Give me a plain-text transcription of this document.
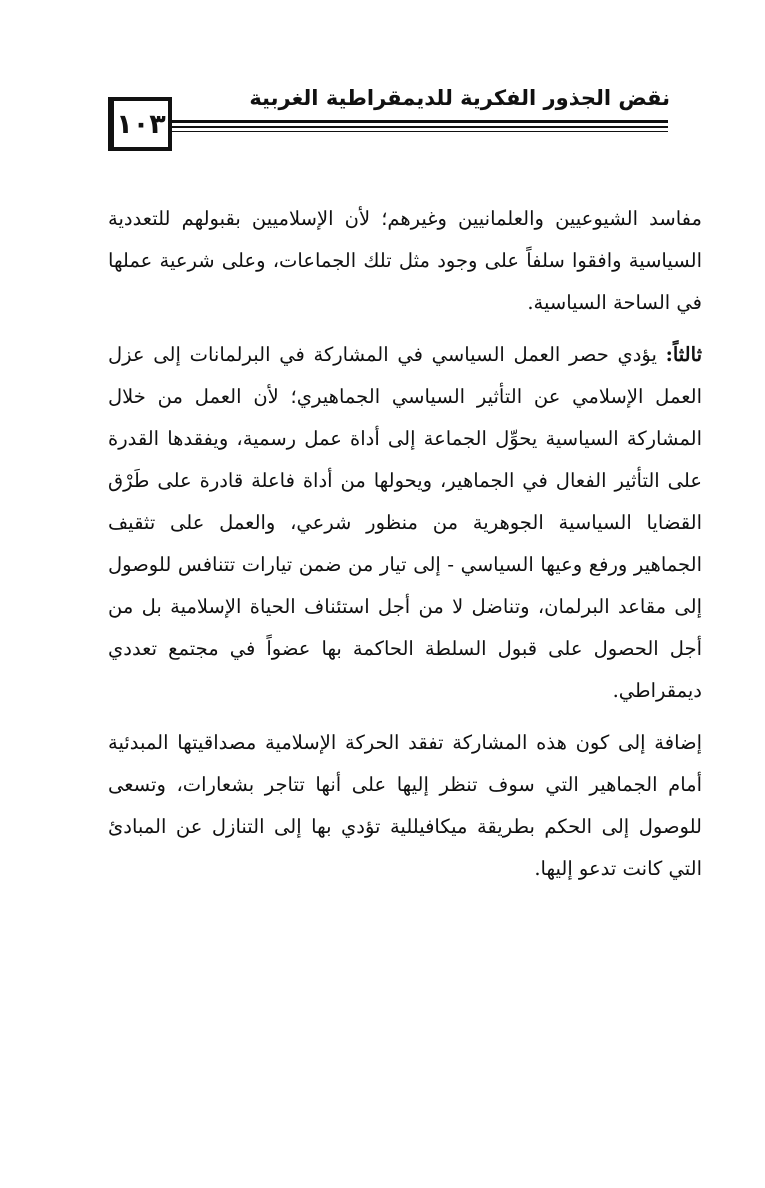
١٠٣
نقض الجذور الفكرية للديمقراطية الغربية

مفاسد الشيوعيين والعلمانيين وغيرهم؛ لأن الإسلاميين بقبولهم للتعددية السياسية وافقوا سلفاً على وجود مثل تلك الجماعات، وعلى شرعية عملها في الساحة السياسية.

ثالثاً: يؤدي حصر العمل السياسي في المشاركة في البرلمانات إلى عزل العمل الإسلامي عن التأثير السياسي الجماهيري؛ لأن العمل من خلال المشاركة السياسية يحوِّل الجماعة إلى أداة عمل رسمية، ويفقدها القدرة على التأثير الفعال في الجماهير، ويحولها من أداة فاعلة قادرة على طَرْق القضايا السياسية الجوهرية من منظور شرعي، والعمل على تثقيف الجماهير ورفع وعيها السياسي - إلى تيار من ضمن تيارات تتنافس للوصول إلى مقاعد البرلمان، وتناضل لا من أجل استئناف الحياة الإسلامية بل من أجل الحصول على قبول السلطة الحاكمة بها عضواً في مجتمع تعددي ديمقراطي.

إضافة إلى كون هذه المشاركة تفقد الحركة الإسلامية مصداقيتها المبدئية أمام الجماهير التي سوف تنظر إليها على أنها تتاجر بشعارات، وتسعى للوصول إلى الحكم بطريقة ميكافيللية تؤدي بها إلى التنازل عن المبادئ التي كانت تدعو إليها.
